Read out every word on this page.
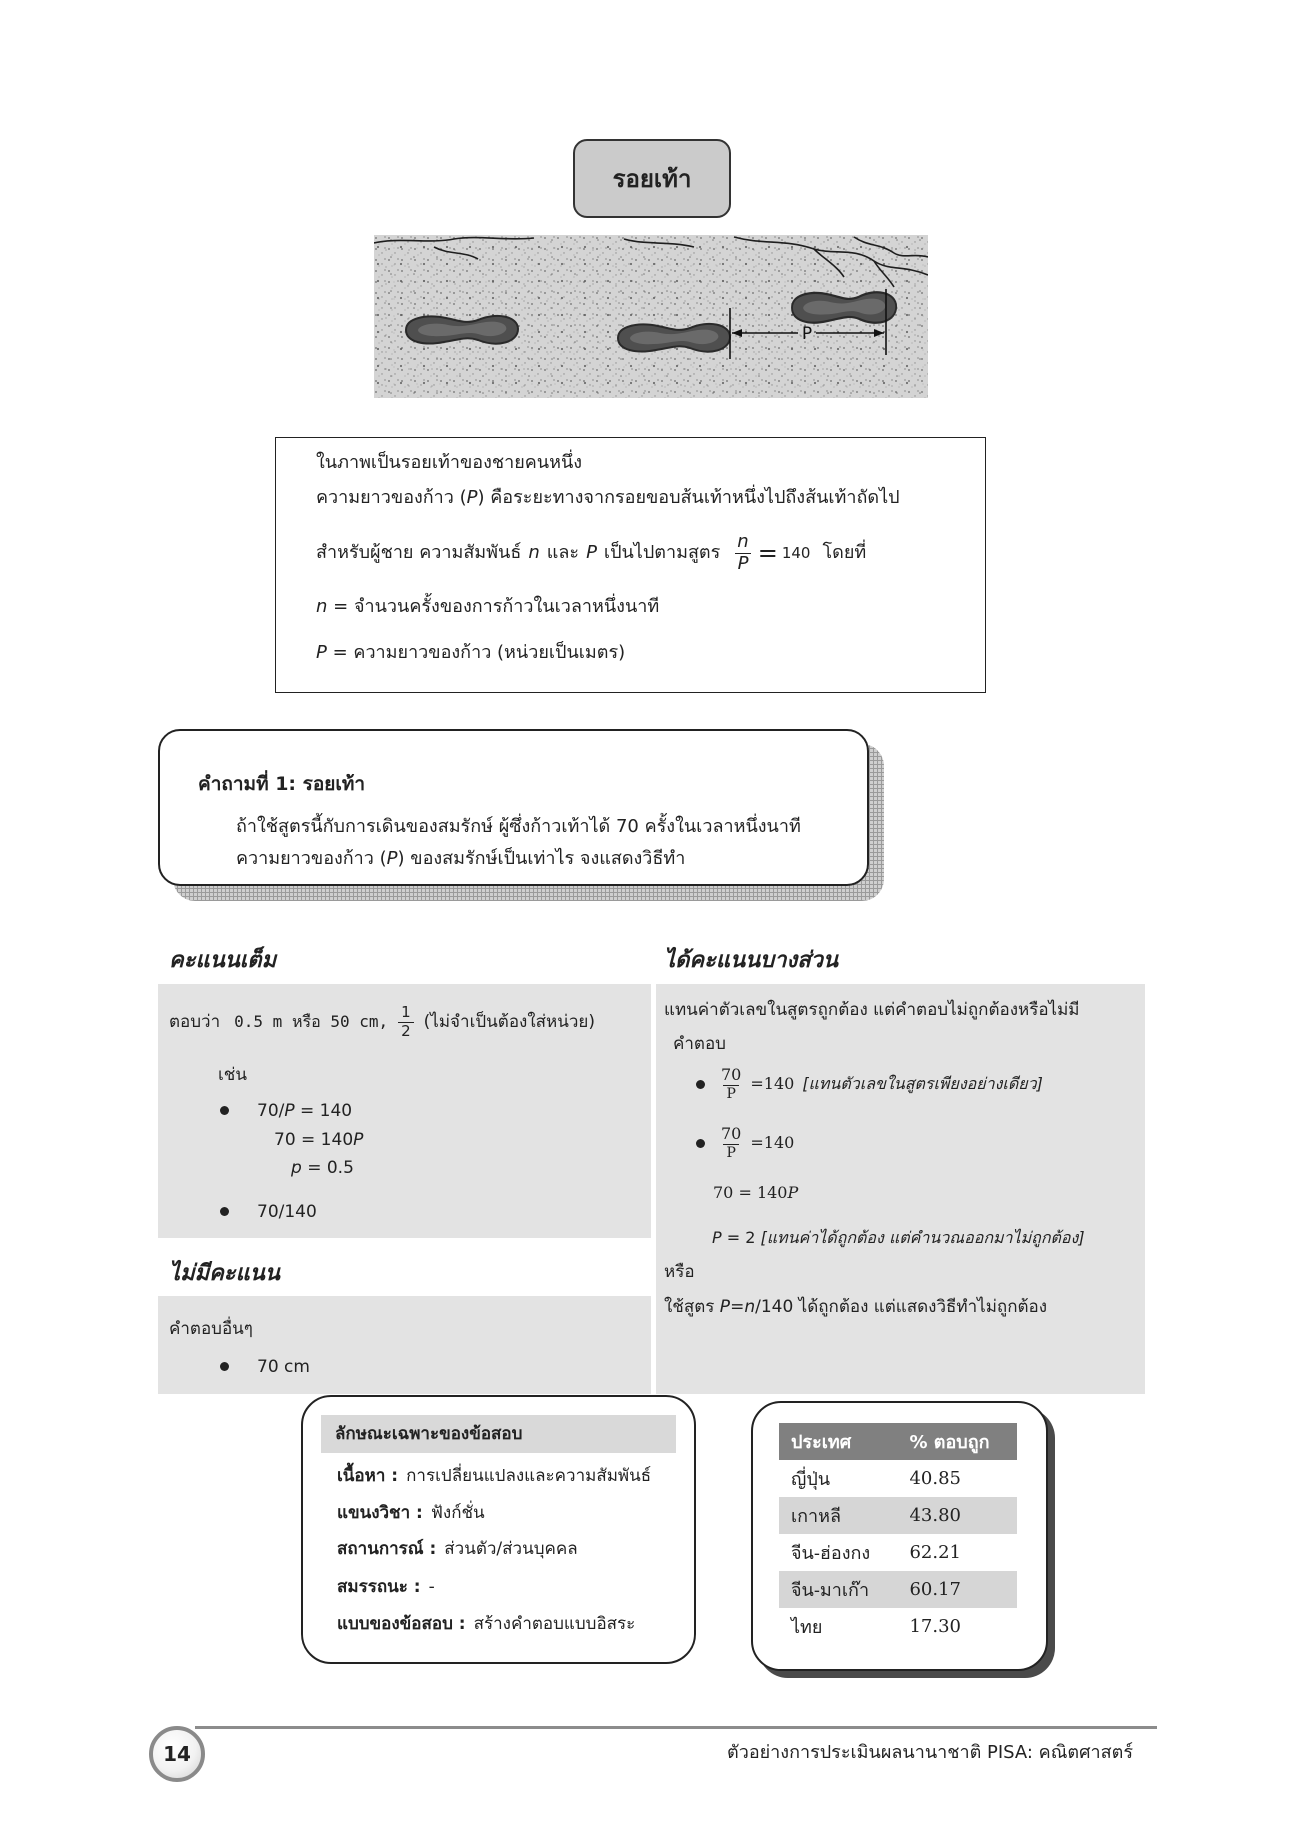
รอยเท้า
P
ในภาพเป็นรอยเท้าของชายคนหนึ่ง
ความยาวของก้าว (P) คือระยะทางจากรอยขอบส้นเท้าหนึ่งไปถึงส้นเท้าถัดไป
สำหรับผู้ชาย ความสัมพันธ์ n และ P เป็นไปตามสูตร $\frac{n}{P} = 140$ โดยที่
n = จำนวนครั้งของการก้าวในเวลาหนึ่งนาที
P = ความยาวของก้าว (หน่วยเป็นเมตร)
คำถามที่ 1: รอยเท้า
ถ้าใช้สูตรนี้กับการเดินของสมรักษ์ ผู้ซึ่งก้าวเท้าได้ 70 ครั้งในเวลาหนึ่งนาที
ความยาวของก้าว (P) ของสมรักษ์เป็นเท่าไร จงแสดงวิธีทำ
คะแนนเต็ม	ได้คะแนนบางส่วน
ตอบว่า 0.5 m หรือ 50 cm, $\frac{1}{2}$ (ไม่จำเป็นต้องใส่หน่วย)
เช่น
70/P = 140
70 = 140P
p = 0.5
70/140
แทนค่าตัวเลขในสูตรถูกต้อง แต่คำตอบไม่ถูกต้องหรือไม่มี
คำตอบ
$\frac{70}{P} =140$ [แทนตัวเลขในสูตรเพียงอย่างเดียว]
$\frac{70}{P} =140$
70 = 140P
P = 2 [แทนค่าได้ถูกต้อง แต่คำนวณออกมาไม่ถูกต้อง]
หรือ
ใช้สูตร P=n/140 ได้ถูกต้อง แต่แสดงวิธีทำไม่ถูกต้อง
ไม่มีคะแนน
คำตอบอื่นๆ
70 cm
ลักษณะเฉพาะของข้อสอบ
เนื้อหา : การเปลี่ยนแปลงและความสัมพันธ์
แขนงวิชา : ฟังก์ชั่น
สถานการณ์ : ส่วนตัว/ส่วนบุคคล
สมรรถนะ : -
แบบของข้อสอบ : สร้างคำตอบแบบอิสระ
ประเทศ	% ตอบถูก
ญี่ปุ่น	40.85
เกาหลี	43.80
จีน-ฮ่องกง	62.21
จีน-มาเก๊า	60.17
ไทย	17.30
14	ตัวอย่างการประเมินผลนานาชาติ PISA: คณิตศาสตร์
